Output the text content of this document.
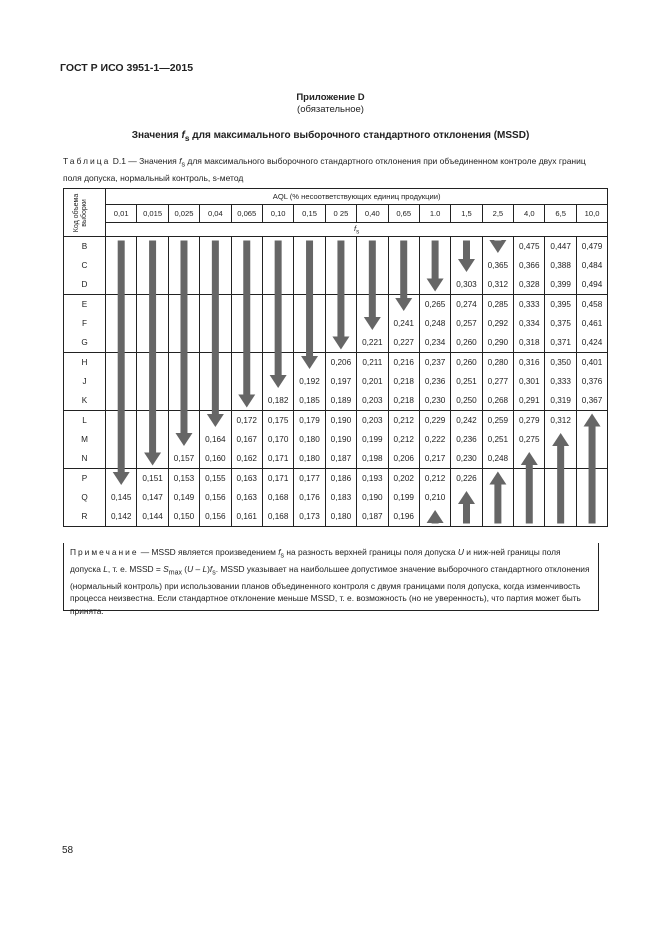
ГОСТ Р ИСО 3951-1—2015
Приложение D
(обязательное)
Значения $f_s$ для максимального выборочного стандартного отклонения (MSSD)
Таблица D.1 — Значения $f_s$ для максимального выборочного стандартного отклонения при объединенном контроле двух границ поля допуска, нормальный контроль, s-метод
Код объема выборки	AQL (% несоответствующих единиц продукции)															
	0,01	0,015	0,025	0,04	0,065	0,10	0,15	0 25	0,40	0,65	1.0	1,5	2,5	4,0	6,5	10,0
	$f_s$
B														0,475	0,447	0,479
C													0,365	0,366	0,388	0,484
D												0,303	0,312	0,328	0,399	0,494
E											0,265	0,274	0,285	0,333	0,395	0,458
F										0,241	0,248	0,257	0,292	0,334	0,375	0,461
G									0,221	0,227	0,234	0,260	0,290	0,318	0,371	0,424
H								0,206	0,211	0,216	0,237	0,260	0,280	0,316	0,350	0,401
J							0,192	0,197	0,201	0,218	0,236	0,251	0,277	0,301	0,333	0,376
K						0,182	0,185	0,189	0,203	0,218	0,230	0,250	0,268	0,291	0,319	0,367
L					0,172	0,175	0,179	0,190	0,203	0,212	0,229	0,242	0,259	0,279	0,312	
M				0,164	0,167	0,170	0,180	0,190	0,199	0,212	0,222	0,236	0,251	0,275		
N			0,157	0,160	0,162	0,171	0,180	0,187	0,198	0,206	0,217	0,230	0,248			
P		0,151	0,153	0,155	0,163	0,171	0,177	0,186	0,193	0,202	0,212	0,226				
Q	0,145	0,147	0,149	0,156	0,163	0,168	0,176	0,183	0,190	0,199	0,210					
R	0,142	0,144	0,150	0,156	0,161	0,168	0,173	0,180	0,187	0,196						
Примечание — MSSD является произведением $f_s$ на разность верхней границы поля допуска U и ниж-ней границы поля допуска L, т. е. MSSD = $S_{max}$ $(U - L)f_s$. MSSD указывает на наибольшее допустимое значение выборочного стандартного отклонения (нормальный контроль) при использовании планов объединенного контроля с двумя границами поля допуска, когда изменчивость процесса неизвестна. Если стандартное отклонение меньше MSSD, т. е. возможность (но не уверенность), что партия может быть принята.
58
